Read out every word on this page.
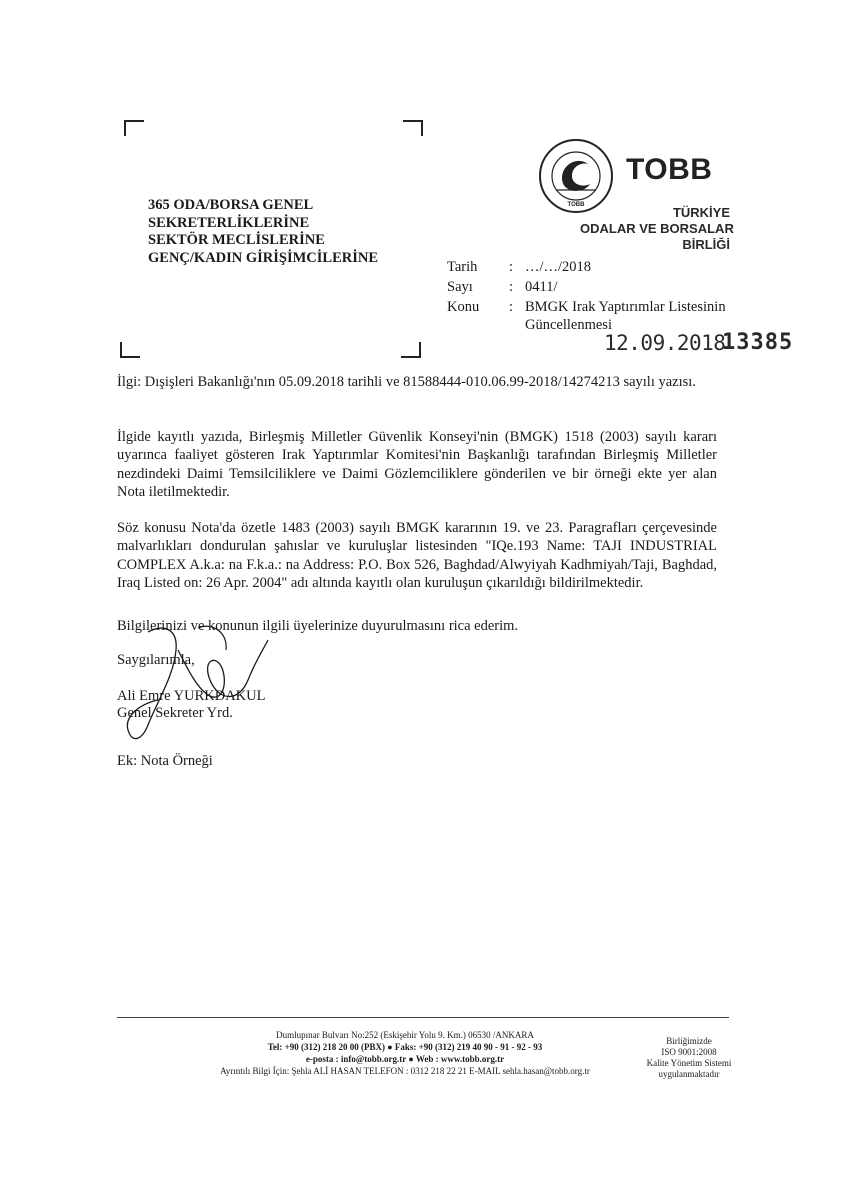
TOBB
TOBB
TÜRKİYE
ODALAR VE BORSALAR
BİRLİĞİ
365 ODA/BORSA GENEL
SEKRETERLİKLERİNE
SEKTÖR MECLİSLERİNE
GENÇ/KADIN GİRİŞİMCİLERİNE
Tarih : …/…/2018
Sayı : 0411/
Konu : BMGK Irak Yaptırımlar Listesinin
Güncellenmesi
12.09.2018
13385
İlgi: Dışişleri Bakanlığı'nın 05.09.2018 tarihli ve 81588444-010.06.99-2018/14274213 sayılı yazısı.
İlgide kayıtlı yazıda, Birleşmiş Milletler Güvenlik Konseyi'nin (BMGK) 1518 (2003) sayılı kararı uyarınca faaliyet gösteren Irak Yaptırımlar Komitesi'nin Başkanlığı tarafından Birleşmiş Milletler nezdindeki Daimi Temsilciliklere ve Daimi Gözlemciliklere gönderilen ve bir örneği ekte yer alan Nota iletilmektedir.
Söz konusu Nota'da özetle 1483 (2003) sayılı BMGK kararının 19. ve 23. Paragrafları çerçevesinde malvarlıkları dondurulan şahıslar ve kuruluşlar listesinden "IQe.193 Name: TAJI INDUSTRIAL COMPLEX A.k.a: na F.k.a.: na Address: P.O. Box 526, Baghdad/Alwyiyah Kadhmiyah/Taji, Baghdad, Iraq Listed on: 26 Apr. 2004" adı altında kayıtlı olan kuruluşun çıkarıldığı bildirilmektedir.
Bilgilerinizi ve konunun ilgili üyelerinize duyurulmasını rica ederim.
Saygılarımla,
Ali Emre YURKDAKUL
Genel Sekreter Yrd.
Ek: Nota Örneği
Dumlupınar Bulvarı No:252 (Eskişehir Yolu 9. Km.) 06530 /ANKARA
Tel: +90 (312) 218 20 00 (PBX) ● Faks: +90 (312) 219 40 90 - 91 - 92 - 93
e-posta : info@tobb.org.tr ● Web : www.tobb.org.tr
Ayrıntılı Bilgi İçin: Şehla ALİ HASAN TELEFON : 0312 218 22 21 E-MAIL sehla.hasan@tobb.org.tr
Birliğimizde
ISO 9001:2008
Kalite Yönetim Sistemi
uygulanmaktadır
